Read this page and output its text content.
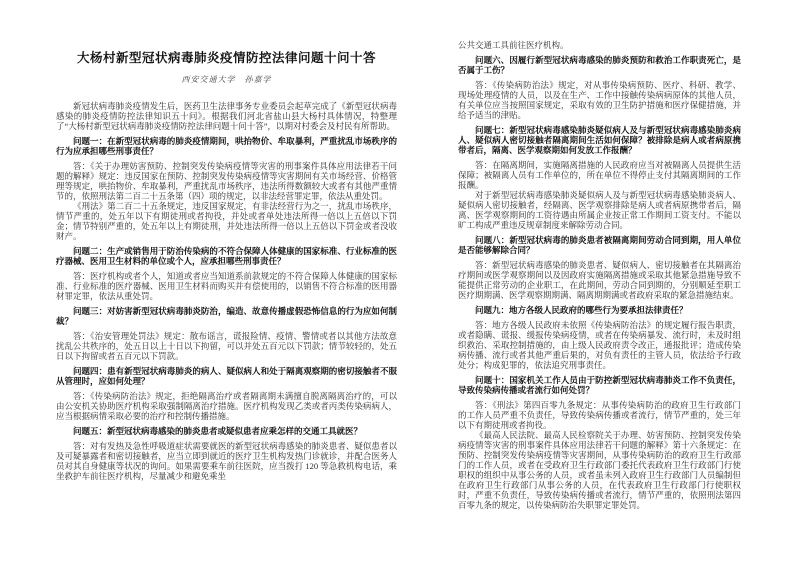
大杨村新型冠状病毒肺炎疫情防控法律问题十问十答
西安交通大学　孙嘉学

新冠状病毒肺炎疫情发生后，医药卫生法律事务专业委员会起草完成了《新型冠状病毒感染的肺炎疫情防控法律知识五十问》。根据我们河北省盐山县大杨村具体情况，特整理了“大杨村新型冠状病毒肺炎疫情防控法律问题十问十答”，以期对村委会及村民有所帮助。

问题一：在新型冠状病毒的肺炎疫情期间，哄抬物价、牟取暴利，严重扰乱市场秩序的行为应承担哪些刑事责任？

答：《关于办理妨害预防、控制突发传染病疫情等灾害的刑事案件具体应用法律若干问题的解释》规定：违反国家在预防、控制突发传染病疫情等灾害期间有关市场经营、价格管理等规定，哄抬物价、牟取暴利，严重扰乱市场秩序，违法所得数额较大或者有其他严重情节的，依照刑法第二百二十五条第（四）项的规定，以非法经营罪定罪，依法从重处罚。

《刑法》第二百二十五条规定，违反国家规定，有非法经营行为之一，扰乱市场秩序，情节严重的，处五年以下有期徒刑或者拘役，并处或者单处违法所得一倍以上五倍以下罚金；情节特别严重的，处五年以上有期徒刑，并处违法所得一倍以上五倍以下罚金或者没收财产。

问题二：生产或销售用于防治传染病的不符合保障人体健康的国家标准、行业标准的医疗器械、医用卫生材料的单位或个人，应承担哪些刑事责任？

答：医疗机构或者个人，知道或者应当知道系前款规定的不符合保障人体健康的国家标准、行业标准的医疗器械、医用卫生材料而购买并有偿使用的，以销售不符合标准的医用器材罪定罪，依法从重处罚。

问题三：对妨害新型冠状病毒肺炎防治，编造、故意传播虚假恐怖信息的行为应如何制裁？

答：《治安管理处罚法》规定：散布谣言，谎报险情、疫情、警情或者以其他方法故意扰乱公共秩序的，处五日以上十日以下拘留，可以并处五百元以下罚款；情节较轻的，处五日以下拘留或者五百元以下罚款。

问题四：患有新型冠状病毒肺炎的病人、疑似病人和处于隔离观察期的密切接触者不服从管理时，应如何处理？

答：《传染病防治法》规定，拒绝隔离治疗或者隔离期未满擅自脱离隔离治疗的，可以由公安机关协助医疗机构采取强制隔离治疗措施。医疗机构发现乙类或者丙类传染病病人，应当根据病情采取必要的治疗和控制传播措施。

问题五：新型冠状病毒感染的肺炎患者或疑似患者应乘怎样的交通工具就医？

答：对有发热及急性呼吸道症状需要就医的新型冠状病毒感染的肺炎患者、疑似患者以及可疑暴露者和密切接触者，应当立即到就近的医疗卫生机构发热门诊就诊，并配合医务人员对其自身健康等状况的询问。如果需要乘车前往医院，应当拨打 120 等急救机构电话，乘坐救护车前往医疗机构，尽量减少和避免乘坐

公共交通工具前往医疗机构。

问题六、因履行新型冠状病毒感染的肺炎预防和救治工作职责死亡，是否属于工伤？

答：《传染病防治法》规定，对从事传染病预防、医疗、科研、教学、现场处理疫情的人员，以及在生产、工作中接触传染病病原体的其他人员，有关单位应当按照国家规定，采取有效的卫生防护措施和医疗保健措施，并给予适当的津贴。

问题七：新型冠状病毒感染肺炎疑似病人及与新型冠状病毒感染肺炎病人、疑似病人密切接触者隔离期间生活如何保障？被排除是病人或者病原携带者后，隔离、医学观察期如何发放工作报酬？

答：在隔离期间，实施隔离措施的人民政府应当对被隔离人员提供生活保障；被隔离人员有工作单位的，所在单位不得停止支付其隔离期间的工作报酬。

对于新型冠状病毒感染肺炎疑似病人及与新型冠状病毒感染肺炎病人、疑似病人密切接触者，经隔离、医学观察排除是病人或者病原携带者后，隔离、医学观察期间的工资待遇由所属企业按正常工作期间工资支付。不能以旷工构成严重违反规章制度来解除劳动合同。

问题八：新型冠状病毒的肺炎患者被隔离期间劳动合同到期，用人单位是否能够解除合同？

答：新型冠状病毒感染的肺炎患者、疑似病人、密切接触者在其隔离治疗期间或医学观察期间以及因政府实施隔离措施或采取其他紧急措施导致不能提供正常劳动的企业职工，在此期间，劳动合同到期的，分别顺延至职工医疗期期满、医学观察期期满、隔离期期满或者政府采取的紧急措施结束。

问题九：地方各级人民政府的哪些行为要承担法律责任？

答：地方各级人民政府未依照《传染病防治法》的规定履行报告职责，或者隐瞒、谎报、缓报传染病疫情，或者在传染病暴发、流行时，未及时组织救治、采取控制措施的，由上级人民政府责令改正，通报批评；造成传染病传播、流行或者其他严重后果的，对负有责任的主管人员，依法给予行政处分；构成犯罪的，依法追究刑事责任。

问题十：国家机关工作人员由于防控新型冠状病毒肺炎工作不负责任，导致传染病传播或者流行如何处罚？

答：《刑法》第四百零九条规定：从事传染病防治的政府卫生行政部门的工作人员严重不负责任，导致传染病传播或者流行，情节严重的，处三年以下有期徒刑或者拘役。

《最高人民法院、最高人民检察院关于办理、妨害预防、控制突发传染病疫情等灾害的刑事案件具体应用法律若干问题的解释》第十六条规定：在预防、控制突发传染病疫情等灾害期间，从事传染病防治的政府卫生行政部门的工作人员，或者在受政府卫生行政部门委托代表政府卫生行政部门行使职权的组织中从事公务的人员，或者虽未列入政府卫生行政部门人员编制但在政府卫生行政部门从事公务的人员，在代表政府卫生行政部门行使职权时，严重不负责任，导致传染病传播或者流行，情节严重的，依照刑法第四百零九条的规定，以传染病防治失职罪定罪处罚。
